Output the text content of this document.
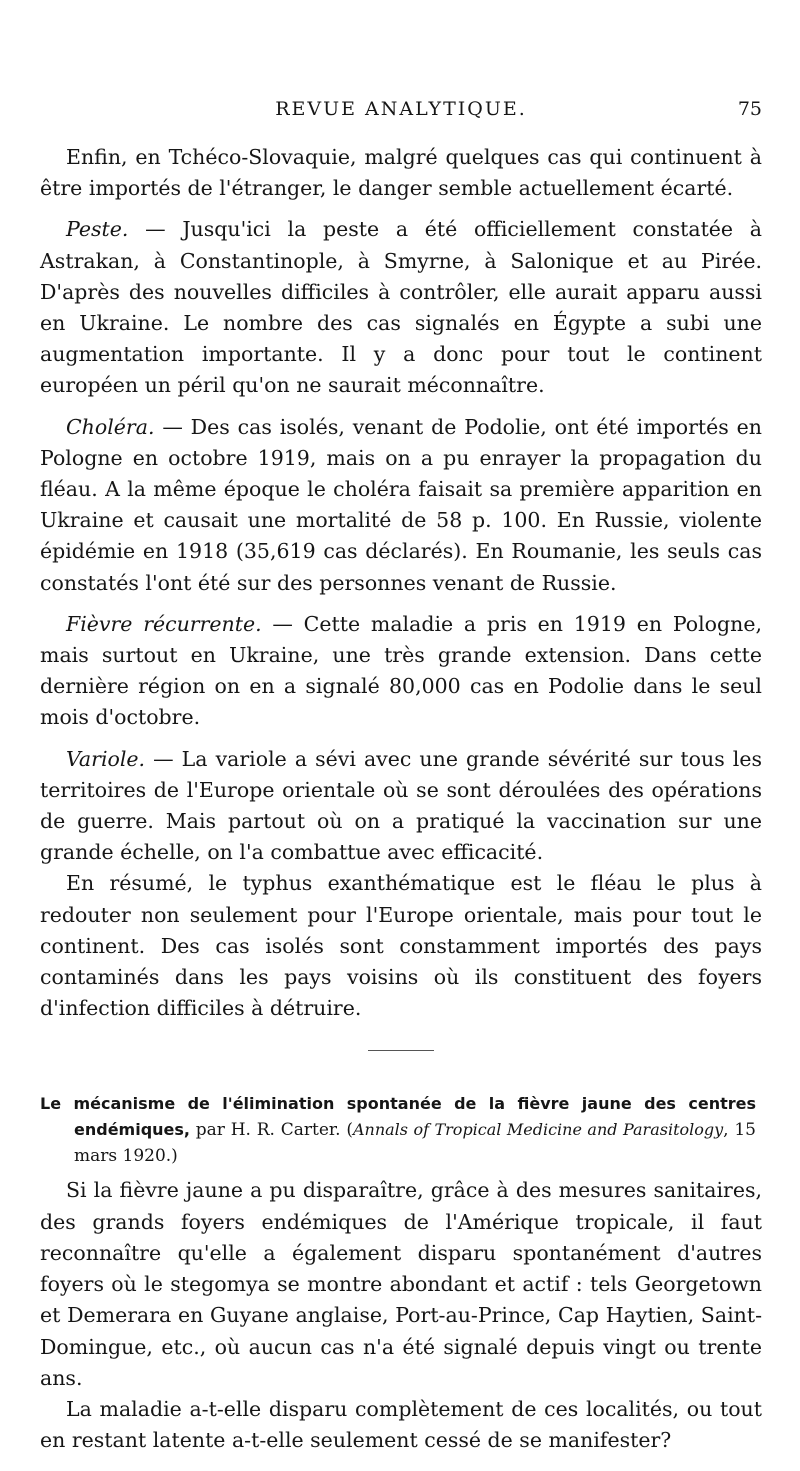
REVUE ANALYTIQUE.	75

Enfin, en Tchéco-Slovaquie, malgré quelques cas qui continuent à être importés de l'étranger, le danger semble actuellement écarté.

Peste. — Jusqu'ici la peste a été officiellement constatée à Astrakan, à Constantinople, à Smyrne, à Salonique et au Pirée. D'après des nouvelles difficiles à contrôler, elle aurait apparu aussi en Ukraine. Le nombre des cas signalés en Égypte a subi une augmentation importante. Il y a donc pour tout le continent européen un péril qu'on ne saurait méconnaître.

Choléra. — Des cas isolés, venant de Podolie, ont été importés en Pologne en octobre 1919, mais on a pu enrayer la propagation du fléau. A la même époque le choléra faisait sa première apparition en Ukraine et causait une mortalité de 58 p. 100. En Russie, violente épidémie en 1918 (35,619 cas déclarés). En Roumanie, les seuls cas constatés l'ont été sur des personnes venant de Russie.

Fièvre récurrente. — Cette maladie a pris en 1919 en Pologne, mais surtout en Ukraine, une très grande extension. Dans cette dernière région on en a signalé 80,000 cas en Podolie dans le seul mois d'octobre.

Variole. — La variole a sévi avec une grande sévérité sur tous les territoires de l'Europe orientale où se sont déroulées des opérations de guerre. Mais partout où on a pratiqué la vaccination sur une grande échelle, on l'a combattue avec efficacité.

En résumé, le typhus exanthématique est le fléau le plus à redouter non seulement pour l'Europe orientale, mais pour tout le continent. Des cas isolés sont constamment importés des pays contaminés dans les pays voisins où ils constituent des foyers d'infection difficiles à détruire.

Le mécanisme de l'élimination spontanée de la fièvre jaune des centres endémiques, par H. R. Carter. (Annals of Tropical Medicine and Parasitology, 15 mars 1920.)

Si la fièvre jaune a pu disparaître, grâce à des mesures sanitaires, des grands foyers endémiques de l'Amérique tropicale, il faut reconnaître qu'elle a également disparu spontanément d'autres foyers où le stegomya se montre abondant et actif : tels Georgetown et Demerara en Guyane anglaise, Port-au-Prince, Cap Haytien, Saint-Domingue, etc., où aucun cas n'a été signalé depuis vingt ou trente ans.

La maladie a-t-elle disparu complètement de ces localités, ou tout en restant latente a-t-elle seulement cessé de se manifester?
